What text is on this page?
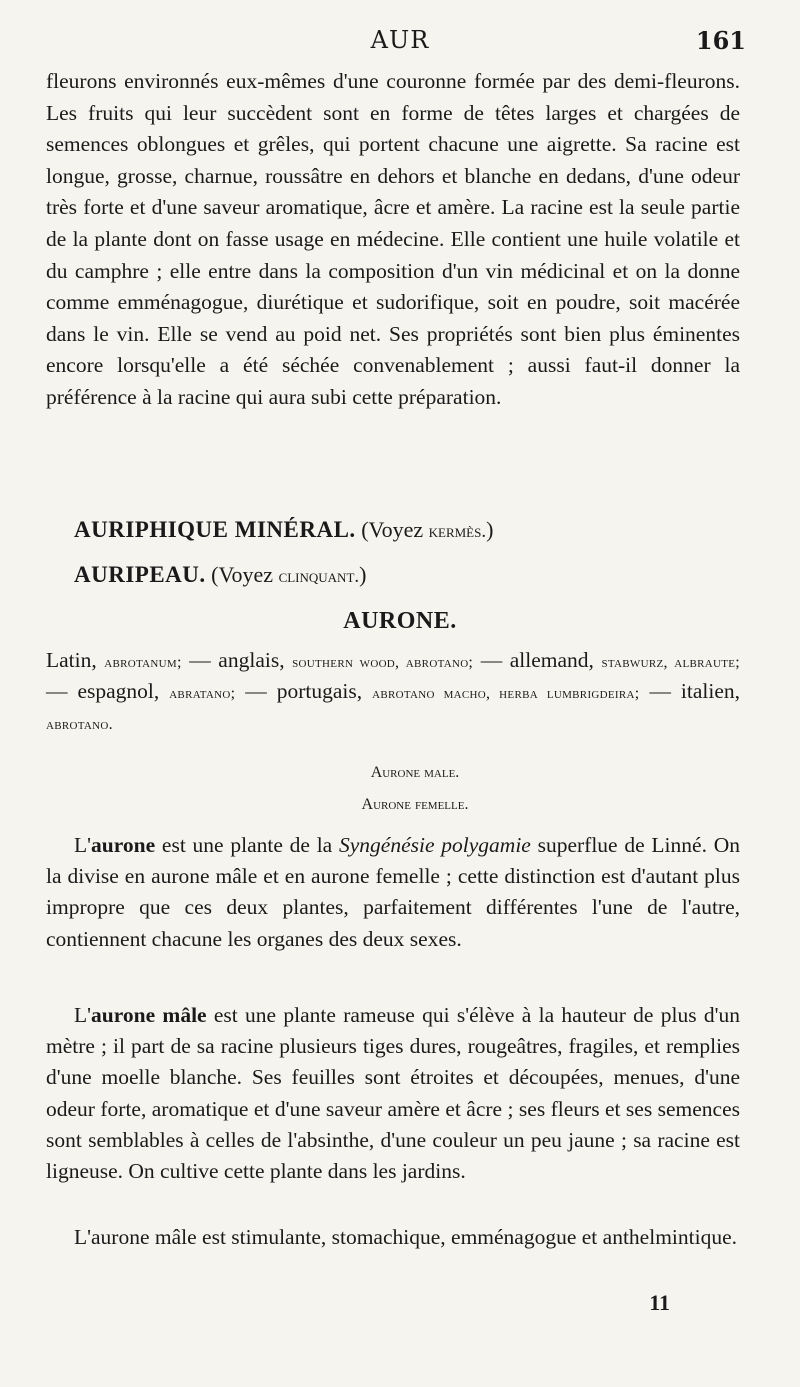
AUR	161
fleurons environnés eux-mêmes d'une couronne formée par des demi-fleurons. Les fruits qui leur succèdent sont en forme de têtes larges et chargées de semences oblongues et grêles, qui portent chacune une aigrette. Sa racine est longue, grosse, charnue, roussâtre en dehors et blanche en dedans, d'une odeur très forte et d'une saveur aromatique, âcre et amère. La racine est la seule partie de la plante dont on fasse usage en médecine. Elle contient une huile volatile et du camphre ; elle entre dans la composition d'un vin médicinal et on la donne comme emménagogue, diurétique et sudorifique, soit en poudre, soit macérée dans le vin. Elle se vend au poid net. Ses propriétés sont bien plus éminentes encore lorsqu'elle a été séchée convenablement ; aussi faut-il donner la préférence à la racine qui aura subi cette préparation.
AURIPHIQUE MINÉRAL. (Voyez kermès.)
AURIPEAU. (Voyez clinquant.)
AURONE.
Latin, abrotanum; — anglais, southern wood, abrotano; — allemand, stabwurz, albraute; — espagnol, abratano; — portugais, abrotano macho, herba lumbrigdeira; — italien, abrotano.
Aurone male.
Aurone femelle.
L'aurone est une plante de la Syngénésie polygamie superflue de Linné. On la divise en aurone mâle et en aurone femelle ; cette distinction est d'autant plus impropre que ces deux plantes, parfaitement différentes l'une de l'autre, contiennent chacune les organes des deux sexes.
L'aurone mâle est une plante rameuse qui s'élève à la hauteur de plus d'un mètre ; il part de sa racine plusieurs tiges dures, rougeâtres, fragiles, et remplies d'une moelle blanche. Ses feuilles sont étroites et découpées, menues, d'une odeur forte, aromatique et d'une saveur amère et âcre ; ses fleurs et ses semences sont semblables à celles de l'absinthe, d'une couleur un peu jaune ; sa racine est ligneuse. On cultive cette plante dans les jardins.
L'aurone mâle est stimulante, stomachique, emménagogue et anthelmintique.
11
